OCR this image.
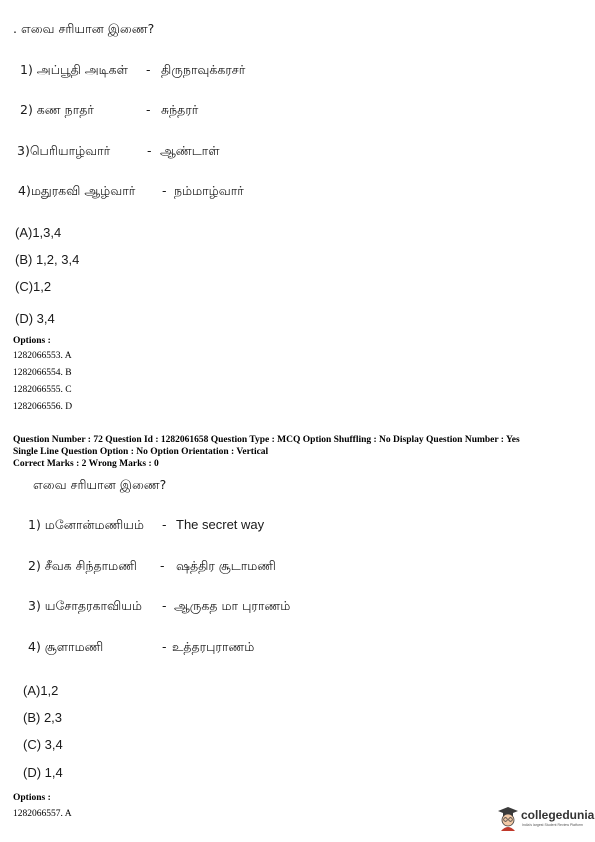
. எவை சரியான இணை?
1) அப்பூதி அடிகள் - திருநாவுக்கரசர்
2) கண நாதர்	- சுந்தரர்
3)பெரியாழ்வார்	- ஆண்டாள்
4)மதுரகவி ஆழ்வார் - நம்மாழ்வார்
(A)1,3,4
(B) 1,2, 3,4
(C)1,2
(D) 3,4
Options :
1282066553. A
1282066554. B
1282066555. C
1282066556. D
Question Number : 72 Question Id : 1282061658 Question Type : MCQ Option Shuffling : No Display Question Number : Yes
Single Line Question Option : No Option Orientation : Vertical
Correct Marks : 2 Wrong Marks : 0
எவை சரியான இணை?
1) மனோன்மணியம் - The secret way
2) சீவக சிந்தாமணி - ஷத்திர சூடாமணி
3) யசோதரகாவியம் - ஆருகத மா புராணம்
4) சூளாமணி	- உத்தரபுராணம்
(A)1,2
(B) 2,3
(C) 3,4
(D) 1,4
Options :
1282066557. A	collegedunia
India's largest Student Review Platform
